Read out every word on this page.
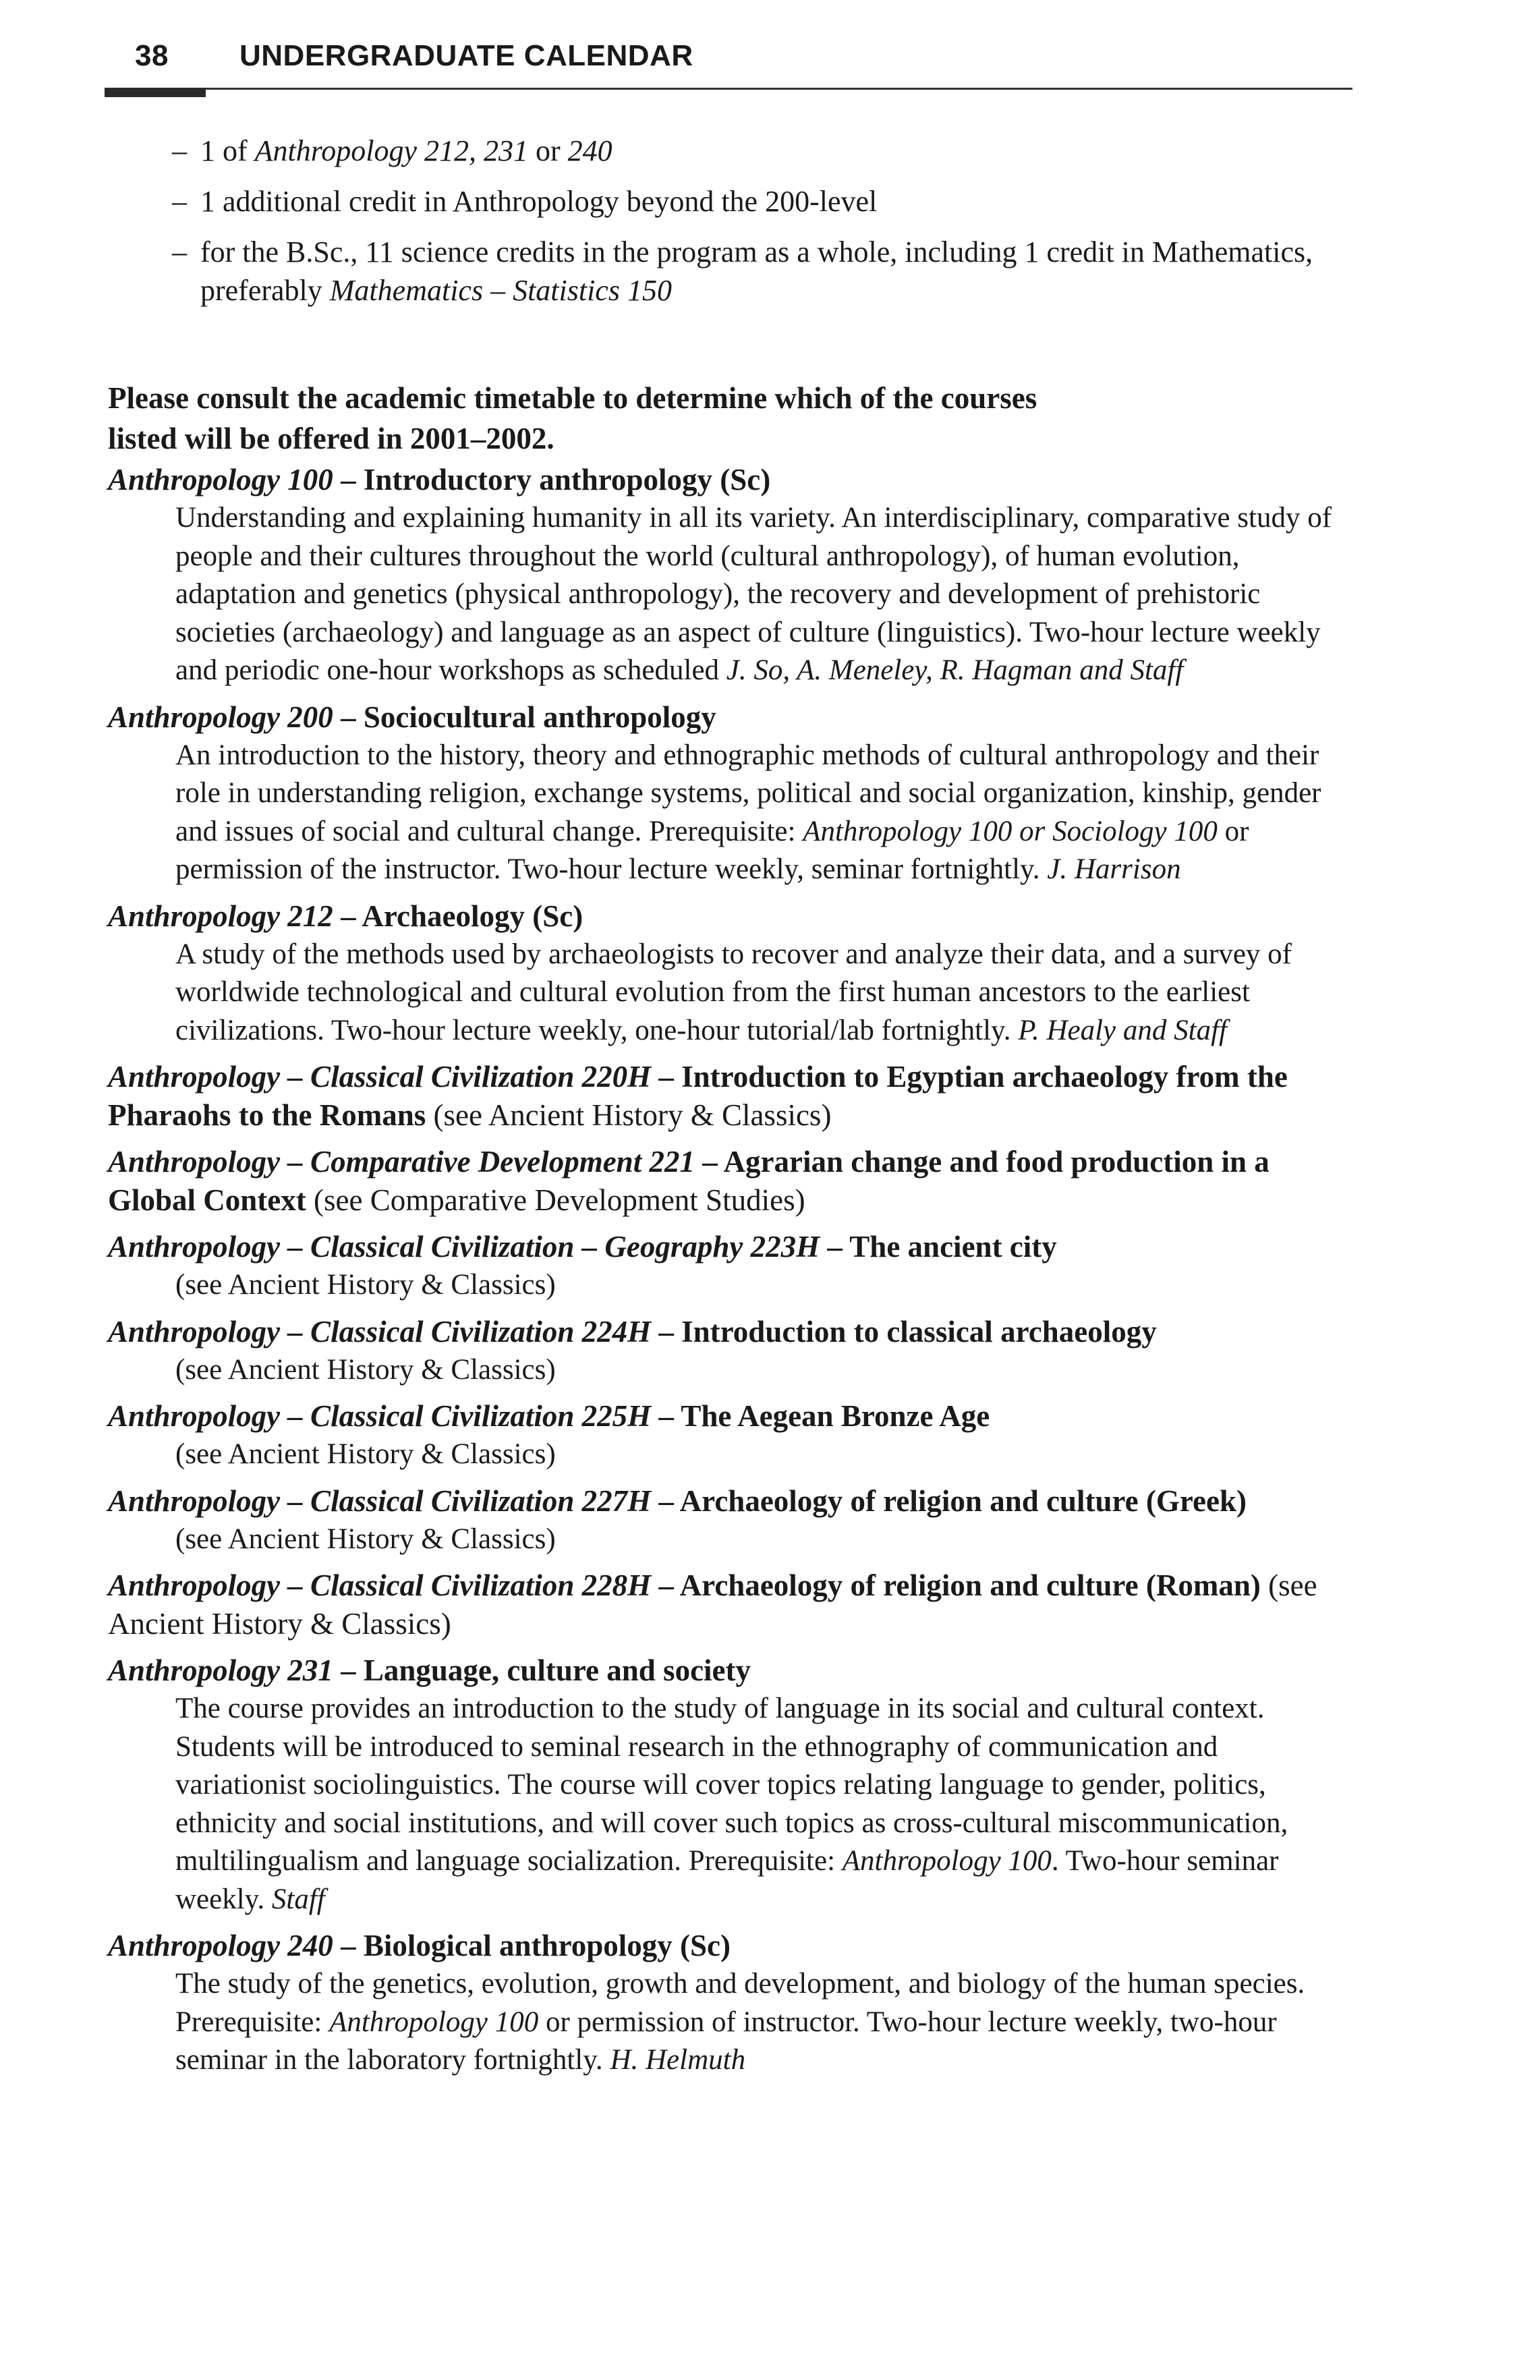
38 UNDERGRADUATE CALENDAR
– 1 of Anthropology 212, 231 or 240
– 1 additional credit in Anthropology beyond the 200-level
– for the B.Sc., 11 science credits in the program as a whole, including 1 credit in Mathematics, preferably Mathematics – Statistics 150
Please consult the academic timetable to determine which of the courses
listed will be offered in 2001–2002.
Anthropology 100 – Introductory anthropology (Sc)
Understanding and explaining humanity in all its variety. An interdisciplinary, comparative study of people and their cultures throughout the world (cultural anthropology), of human evolution, adaptation and genetics (physical anthropology), the recovery and development of prehistoric societies (archaeology) and language as an aspect of culture (linguistics). Two-hour lecture weekly and periodic one-hour workshops as scheduled J. So, A. Meneley, R. Hagman and Staff
Anthropology 200 – Sociocultural anthropology
An introduction to the history, theory and ethnographic methods of cultural anthropology and their role in understanding religion, exchange systems, political and social organization, kinship, gender and issues of social and cultural change. Prerequisite: Anthropology 100 or Sociology 100 or permission of the instructor. Two-hour lecture weekly, seminar fortnightly. J. Harrison
Anthropology 212 – Archaeology (Sc)
A study of the methods used by archaeologists to recover and analyze their data, and a survey of worldwide technological and cultural evolution from the first human ancestors to the earliest civilizations. Two-hour lecture weekly, one-hour tutorial/lab fortnightly. P. Healy and Staff
Anthropology – Classical Civilization 220H – Introduction to Egyptian archaeology from the Pharaohs to the Romans (see Ancient History & Classics)
Anthropology – Comparative Development 221 – Agrarian change and food production in a Global Context (see Comparative Development Studies)
Anthropology – Classical Civilization – Geography 223H – The ancient city
(see Ancient History & Classics)
Anthropology – Classical Civilization 224H – Introduction to classical archaeology
(see Ancient History & Classics)
Anthropology – Classical Civilization 225H – The Aegean Bronze Age
(see Ancient History & Classics)
Anthropology – Classical Civilization 227H – Archaeology of religion and culture (Greek)
(see Ancient History & Classics)
Anthropology – Classical Civilization 228H – Archaeology of religion and culture (Roman) (see Ancient History & Classics)
Anthropology 231 – Language, culture and society
The course provides an introduction to the study of language in its social and cultural context. Students will be introduced to seminal research in the ethnography of communication and variationist sociolinguistics. The course will cover topics relating language to gender, politics, ethnicity and social institutions, and will cover such topics as cross-cultural miscommunication, multilingualism and language socialization. Prerequisite: Anthropology 100. Two-hour seminar weekly. Staff
Anthropology 240 – Biological anthropology (Sc)
The study of the genetics, evolution, growth and development, and biology of the human species. Prerequisite: Anthropology 100 or permission of instructor. Two-hour lecture weekly, two-hour seminar in the laboratory fortnightly. H. Helmuth
